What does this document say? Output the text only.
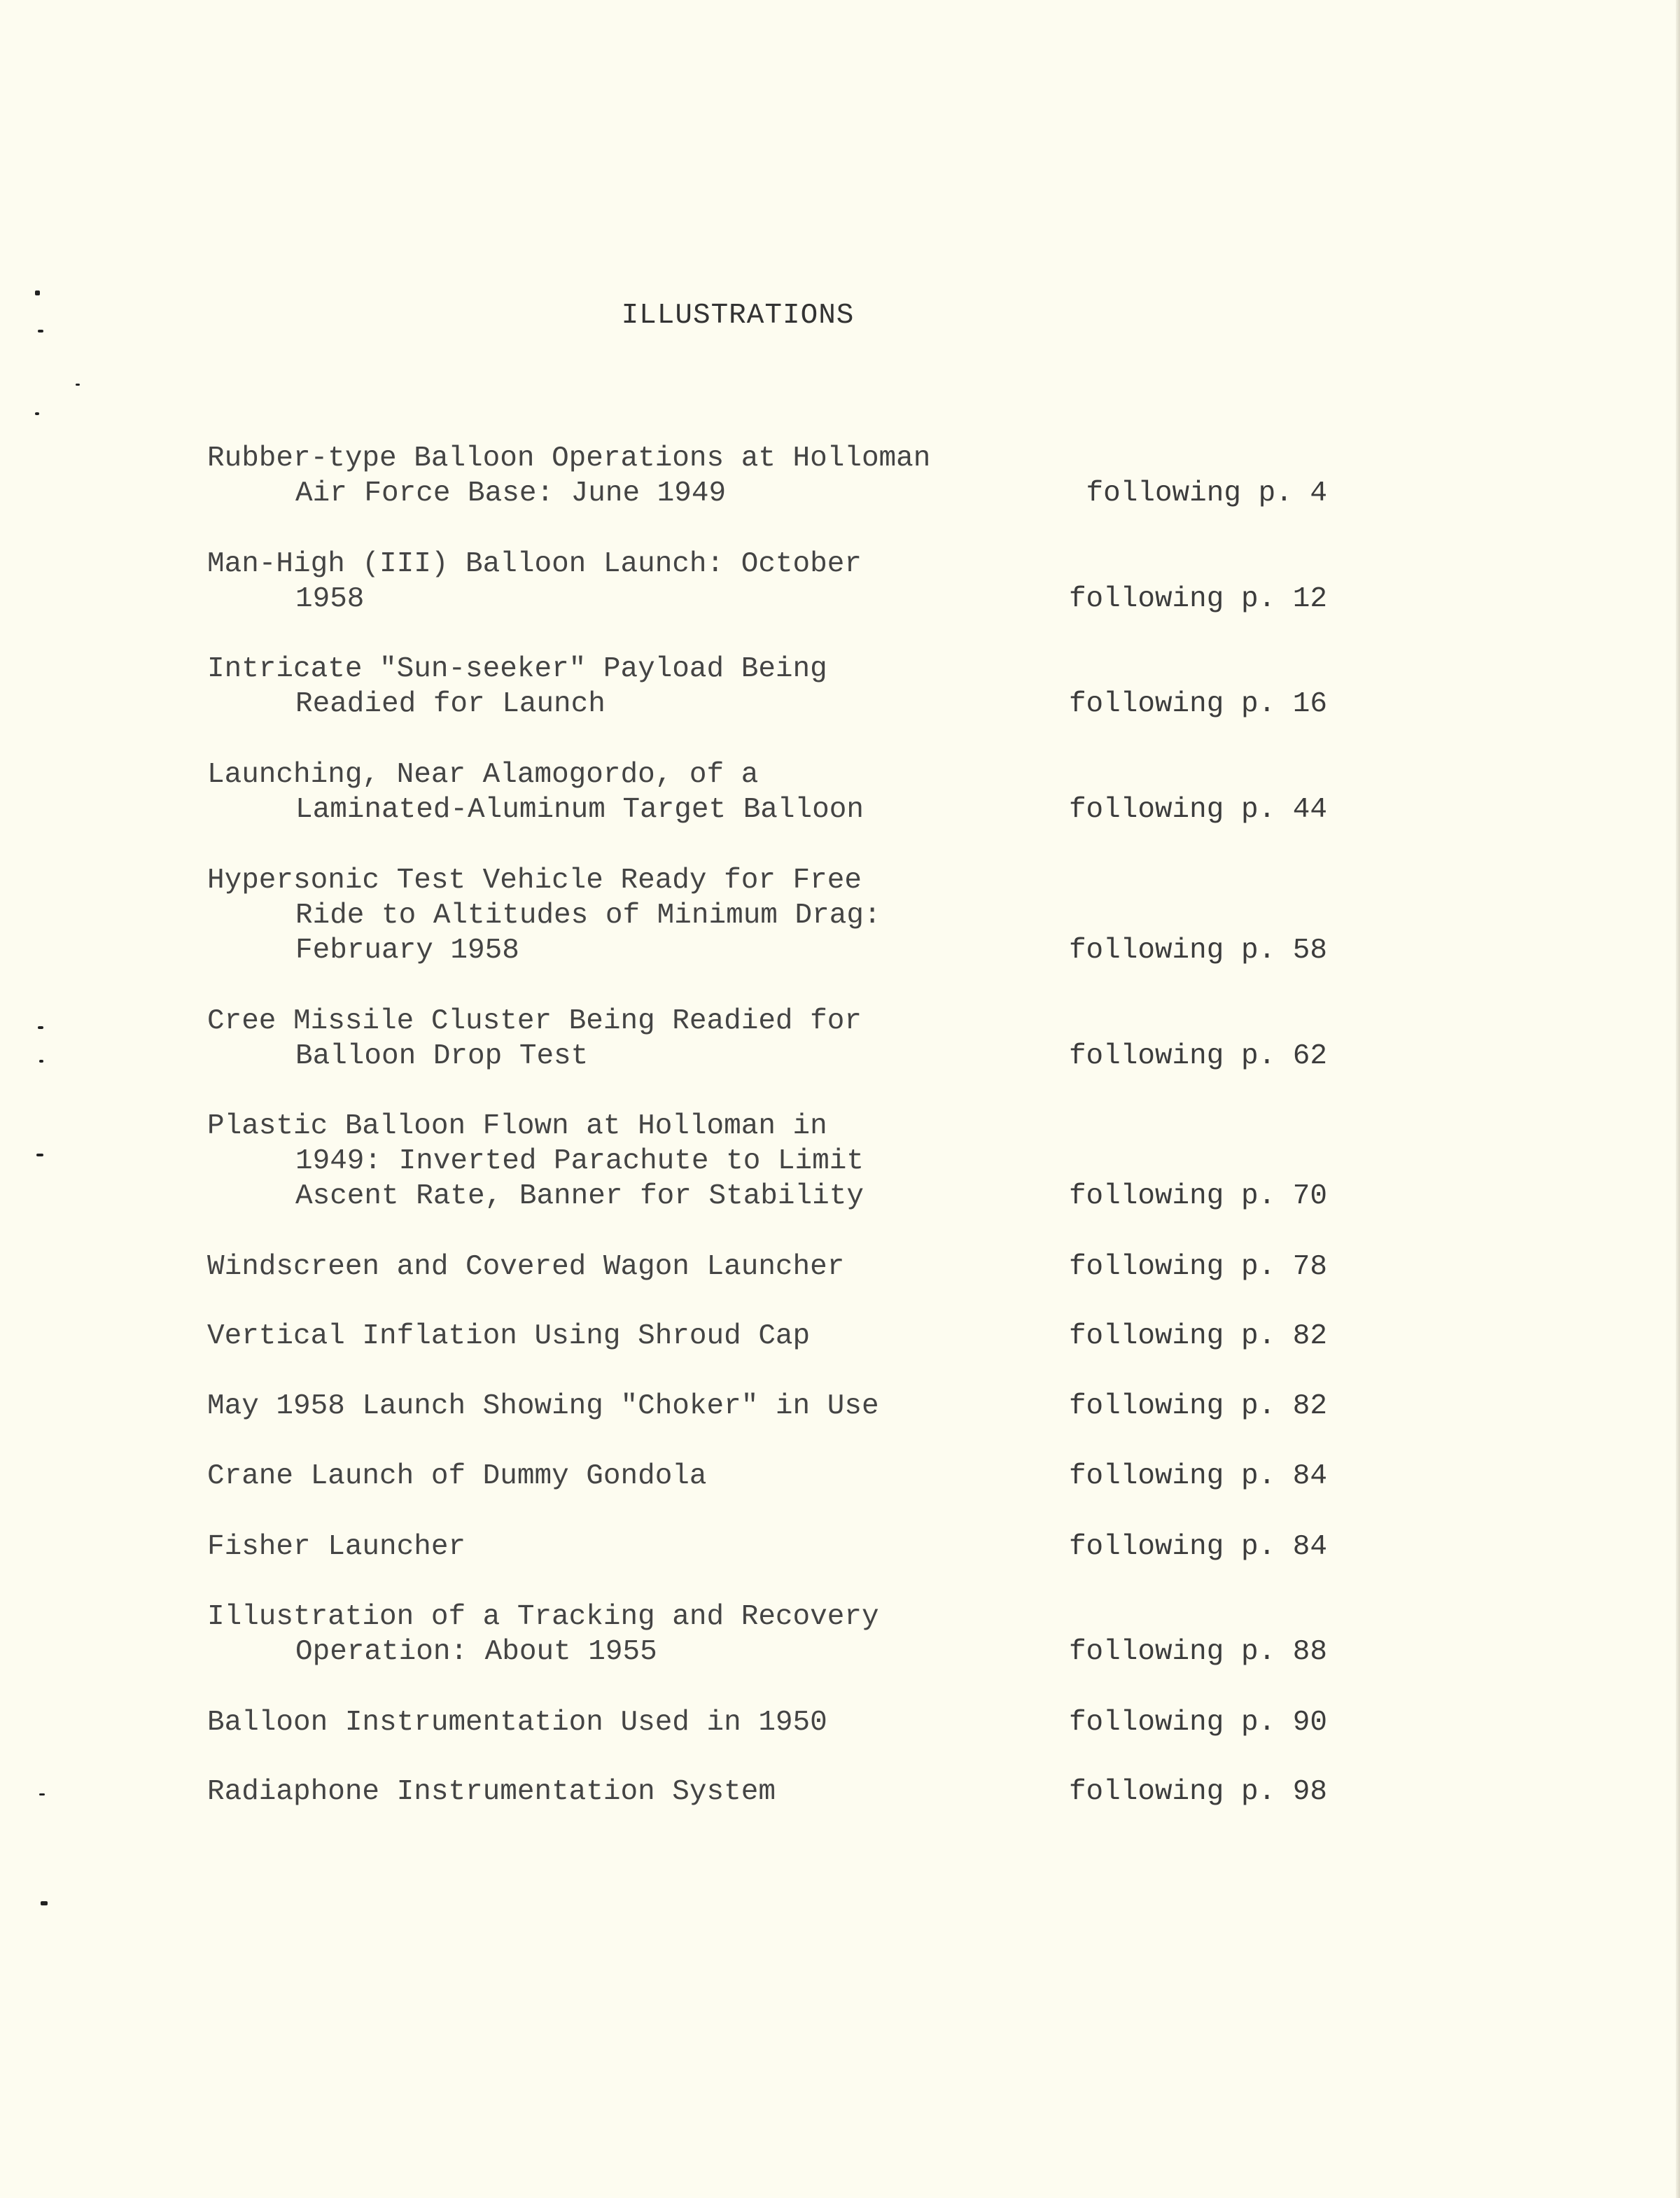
ILLUSTRATIONS
Rubber-type Balloon Operations at Holloman
Air Force Base: June 1949	following p. 4
Man-High (III) Balloon Launch: October
1958	following p. 12
Intricate "Sun-seeker" Payload Being
Readied for Launch	following p. 16
Launching, Near Alamogordo, of a
Laminated-Aluminum Target Balloon	following p. 44
Hypersonic Test Vehicle Ready for Free
Ride to Altitudes of Minimum Drag:
February 1958	following p. 58
Cree Missile Cluster Being Readied for
Balloon Drop Test	following p. 62
Plastic Balloon Flown at Holloman in
1949: Inverted Parachute to Limit
Ascent Rate, Banner for Stability	following p. 70
Windscreen and Covered Wagon Launcher	following p. 78
Vertical Inflation Using Shroud Cap	following p. 82
May 1958 Launch Showing "Choker" in Use	following p. 82
Crane Launch of Dummy Gondola	following p. 84
Fisher Launcher	following p. 84
Illustration of a Tracking and Recovery
Operation: About 1955	following p. 88
Balloon Instrumentation Used in 1950	following p. 90
Radiaphone Instrumentation System	following p. 98
